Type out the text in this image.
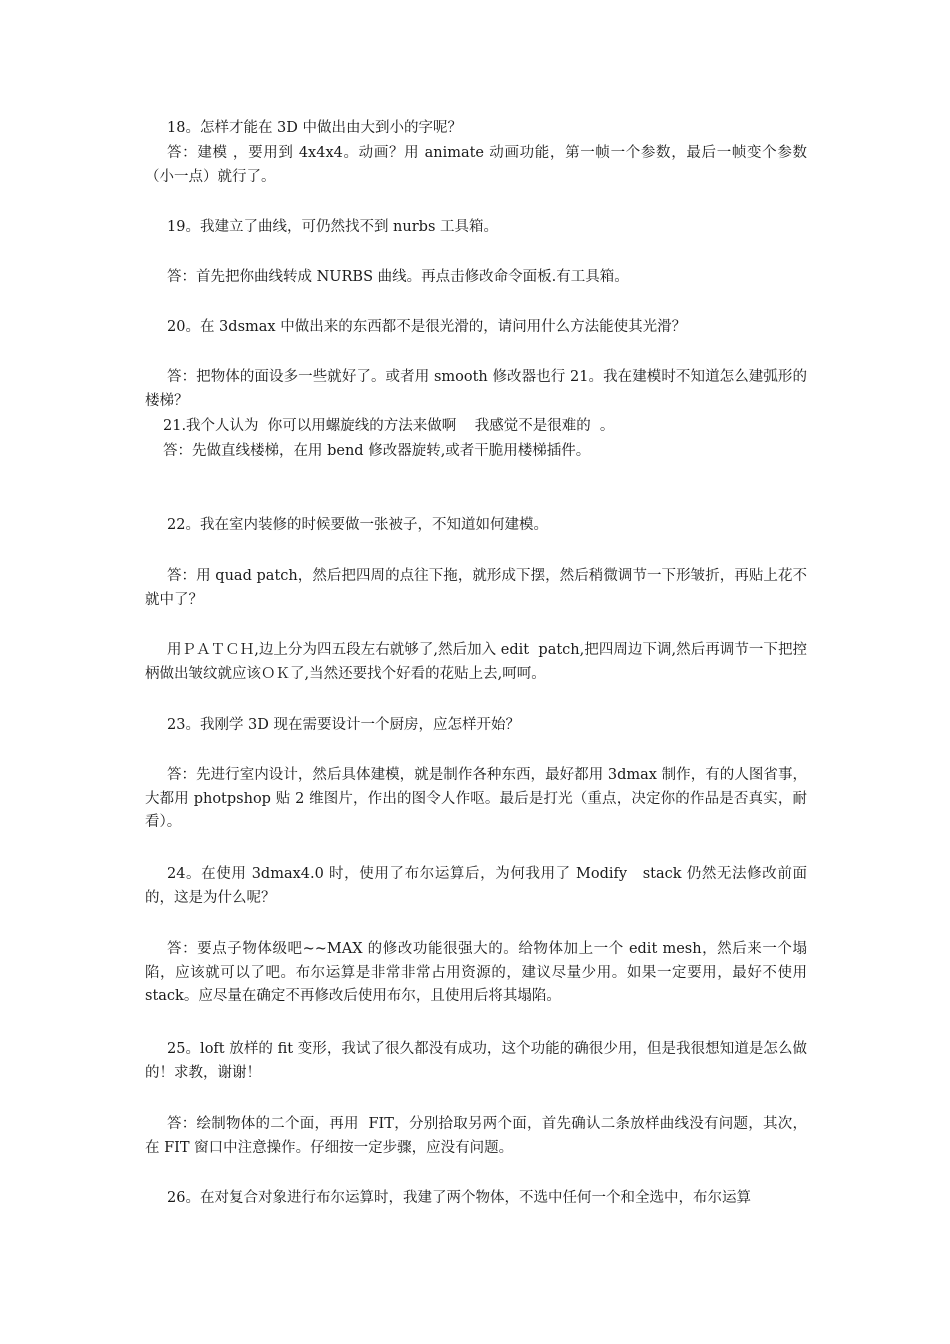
18。怎样才能在 3D 中做出由大到小的字呢？

答：建模 ，要用到 4x4x4。动画？用 animate 动画功能，第一帧一个参数，最后一帧变个参数（小一点）就行了。

19。我建立了曲线，可仍然找不到 nurbs 工具箱。

答：首先把你曲线转成 NURBS 曲线。再点击修改命令面板.有工具箱。

20。在 3dsmax 中做出来的东西都不是很光滑的，请问用什么方法能使其光滑？

答：把物体的面设多一些就好了。或者用 smooth 修改器也行 21。我在建模时不知道怎么建弧形的楼梯？

21.我个人认为  你可以用螺旋线的方法来做啊    我感觉不是很难的  。

答：先做直线楼梯，在用 bend 修改器旋转,或者干脆用楼梯插件。

22。我在室内装修的时候要做一张被子，不知道如何建模。

答：用 quad patch，然后把四周的点往下拖，就形成下摆，然后稍微调节一下形皱折，再贴上花不就中了？

用ＰＡＴＣＨ,边上分为四五段左右就够了,然后加入 edit  patch,把四周边下调,然后再调节一下把控柄做出皱纹就应该ＯＫ了,当然还要找个好看的花贴上去,呵呵。

23。我刚学 3D 现在需要设计一个厨房，应怎样开始？

答：先进行室内设计，然后具体建模，就是制作各种东西，最好都用 3dmax 制作，有的人图省事，大都用 photpshop 贴 2 维图片，作出的图令人作呕。最后是打光（重点，决定你的作品是否真实，耐看）。

24。在使用 3dmax4.0 时，使用了布尔运算后，为何我用了 Modify   stack 仍然无法修改前面的，这是为什么呢？

答：要点子物体级吧~~MAX 的修改功能很强大的。给物体加上一个 edit mesh，然后来一个塌陷，应该就可以了吧。布尔运算是非常非常占用资源的，建议尽量少用。如果一定要用，最好不使用 stack。应尽量在确定不再修改后使用布尔，且使用后将其塌陷。

25。loft 放样的 fit 变形，我试了很久都没有成功，这个功能的确很少用，但是我很想知道是怎么做的！求教，谢谢！

答：绘制物体的二个面，再用  FIT，分别拾取另两个面，首先确认二条放样曲线没有问题，其次，在 FIT 窗口中注意操作。仔细按一定步骤，应没有问题。

26。在对复合对象进行布尔运算时，我建了两个物体，不选中任何一个和全选中，布尔运算
